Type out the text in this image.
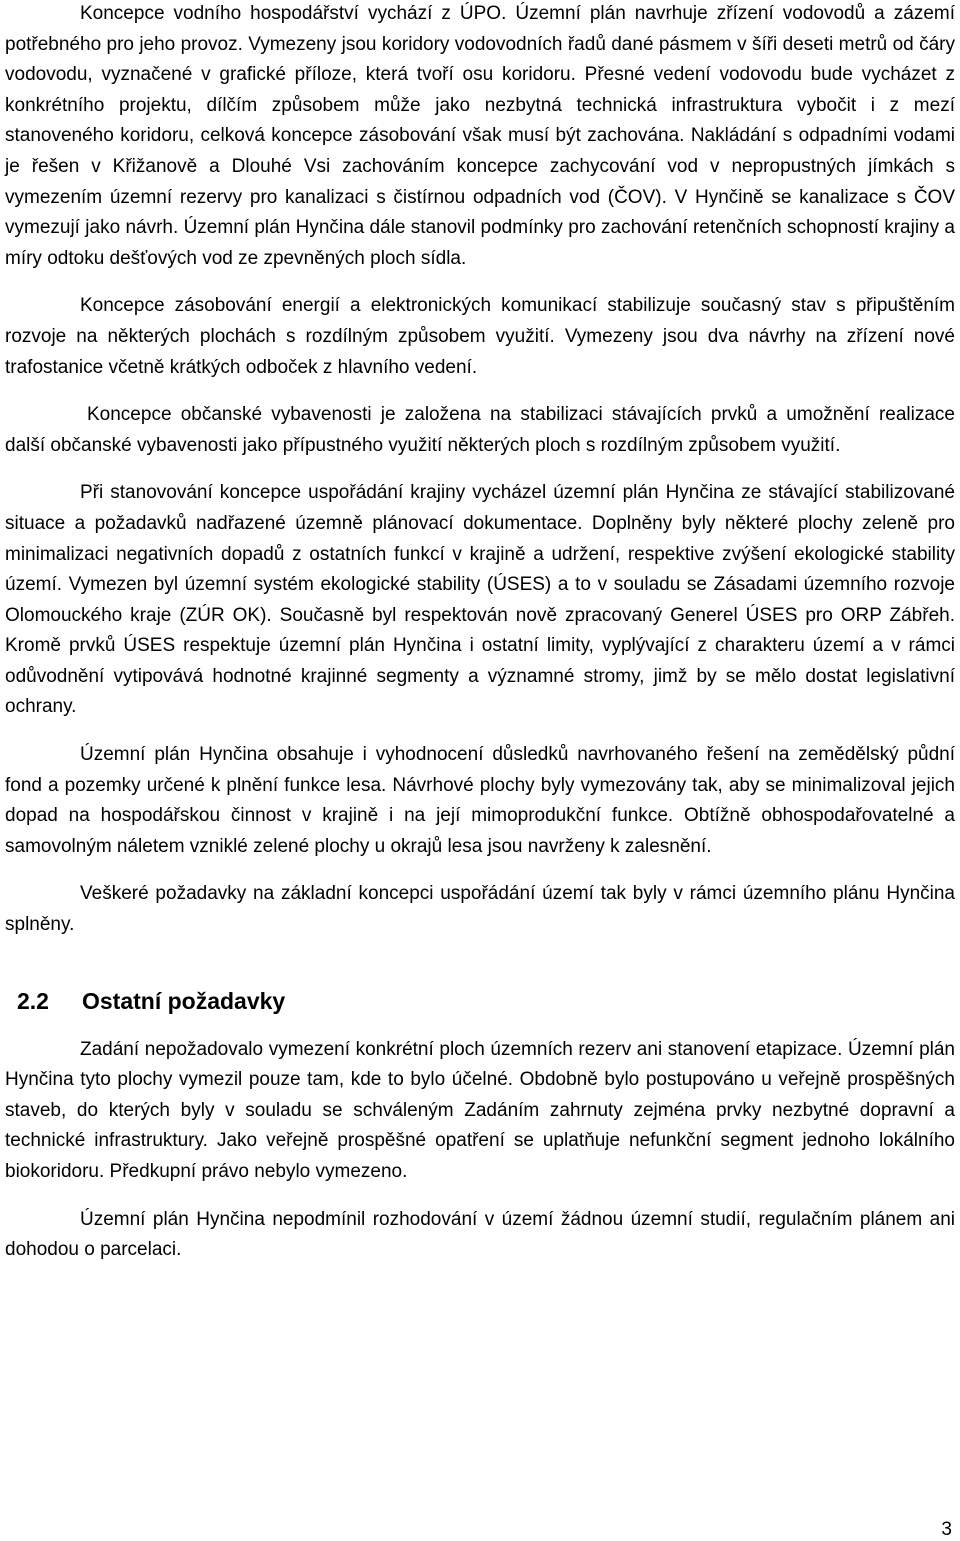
Koncepce vodního hospodářství vychází z ÚPO. Územní plán navrhuje zřízení vodovodů a zázemí potřebného pro jeho provoz. Vymezeny jsou koridory vodovodních řadů dané pásmem v šíři deseti metrů od čáry vodovodu, vyznačené v grafické příloze, která tvoří osu koridoru. Přesné vedení vodovodu bude vycházet z konkrétního projektu, dílčím způsobem může jako nezbytná technická infrastruktura vybočit i z mezí stanoveného koridoru, celková koncepce zásobování však musí být zachována. Nakládání s odpadními vodami je řešen v Křižanově a Dlouhé Vsi zachováním koncepce zachycování vod v nepropustných jímkách s vymezením územní rezervy pro kanalizaci s čistírnou odpadních vod (ČOV). V Hynčině se kanalizace s ČOV vymezují jako návrh. Územní plán Hynčina dále stanovil podmínky pro zachování retenčních schopností krajiny a míry odtoku dešťových vod ze zpevněných ploch sídla.

Koncepce zásobování energií a elektronických komunikací stabilizuje současný stav s připuštěním rozvoje na některých plochách s rozdílným způsobem využití. Vymezeny jsou dva návrhy na zřízení nové trafostanice včetně krátkých odboček z hlavního vedení.

Koncepce občanské vybavenosti je založena na stabilizaci stávajících prvků a umožnění realizace další občanské vybavenosti jako přípustného využití některých ploch s rozdílným způsobem využití.

Při stanovování koncepce uspořádání krajiny vycházel územní plán Hynčina ze stávající stabilizované situace a požadavků nadřazené územně plánovací dokumentace. Doplněny byly některé plochy zeleně pro minimalizaci negativních dopadů z ostatních funkcí v krajině a udržení, respektive zvýšení ekologické stability území. Vymezen byl územní systém ekologické stability (ÚSES) a to v souladu se Zásadami územního rozvoje Olomouckého kraje (ZÚR OK). Současně byl respektován nově zpracovaný Generel ÚSES pro ORP Zábřeh. Kromě prvků ÚSES respektuje územní plán Hynčina i ostatní limity, vyplývající z charakteru území a v rámci odůvodnění vytipovává hodnotné krajinné segmenty a významné stromy, jimž by se mělo dostat legislativní ochrany.

Územní plán Hynčina obsahuje i vyhodnocení důsledků navrhovaného řešení na zemědělský půdní fond a pozemky určené k plnění funkce lesa. Návrhové plochy byly vymezovány tak, aby se minimalizoval jejich dopad na hospodářskou činnost v krajině i na její mimoprodukční funkce. Obtížně obhospodařovatelné a samovolným náletem vzniklé zelené plochy u okrajů lesa jsou navrženy k zalesnění.

Veškeré požadavky na základní koncepci uspořádání území tak byly v rámci územního plánu Hynčina splněny.

2.2	Ostatní požadavky

Zadání nepožadovalo vymezení konkrétní ploch územních rezerv ani stanovení etapizace. Územní plán Hynčina tyto plochy vymezil pouze tam, kde to bylo účelné. Obdobně bylo postupováno u veřejně prospěšných staveb, do kterých byly v souladu se schváleným Zadáním zahrnuty zejména prvky nezbytné dopravní a technické infrastruktury. Jako veřejně prospěšné opatření se uplatňuje nefunkční segment jednoho lokálního biokoridoru. Předkupní právo nebylo vymezeno.

Územní plán Hynčina nepodmínil rozhodování v území žádnou územní studií, regulačním plánem ani dohodou o parcelaci.

3
